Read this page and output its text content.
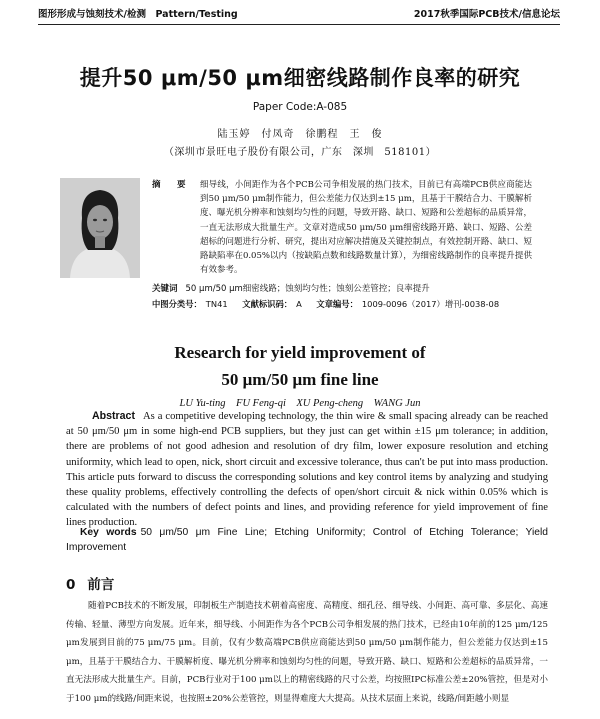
图形形成与蚀刻技术/检测　Pattern/Testing	2017秋季国际PCB技术/信息论坛
提升50 μm/50 μm细密线路制作良率的研究
Paper Code:A-085
陆玉婷　付凤奇　徐鹏程　王　俊
（深圳市景旺电子股份有限公司，广东　深圳　518101）
摘　要 细导线，小间距作为各个PCB公司争相发展的热门技术，目前已有高端PCB供应商能达到50 μm/50 μm制作能力，但公差能力仅达到±15 μm，且基于干膜结合力、干膜解析度、曝光机分辨率和蚀刻均匀性的问题，导致开路、缺口、短路和公差超标的品质异常，一直无法形成大批量生产。文章对造成50 μm/50 μm细密线路开路、缺口、短路、公差超标的问题进行分析、研究，提出对应解决措施及关键控制点，有效控制开路、缺口、短路缺陷率在0.05%以内（按缺陷点数和线路数量计算），为细密线路制作的良率提升提供有效参考。
关键词 50 μm/50 μm细密线路；蚀刻均匀性；蚀刻公差管控；良率提升
中图分类号： TN41 文献标识码： A 文章编号： 1009-0096（2017）增刊-0038-08
Research for yield improvement of
50 μm/50 μm fine line
LU Yu-ting　FU Feng-qi　XU Peng-cheng　WANG Jun
Abstract As a competitive developing technology, the thin wire & small spacing already can be reached at 50 μm/50 μm in some high-end PCB suppliers, but they just can get within ±15 μm tolerance; in addition, there are problems of not good adhesion and resolution of dry film, lower exposure resolution and etching uniformity, which lead to open, nick, short circuit and excessive tolerance, thus can't be put into mass production. This article puts forward to discuss the corresponding solutions and key control items by analyzing and studying these quality problems, effectively controlling the defects of open/short circuit & nick within 0.05% which is calculated with the numbers of defect points and lines, and providing reference for yield improvement of fine lines production.
Key words 50 μm/50 μm Fine Line; Etching Uniformity; Control of Etching Tolerance; Yield Improvement
0 前言
随着PCB技术的不断发展，印制板生产制造技术朝着高密度、高精度、细孔径、细导线、小间距、高可靠、多层化、高速传输、轻量、薄型方向发展。近年来，细导线、小间距作为各个PCB公司争相发展的热门技术，已经由10年前的125 μm/125 μm发展到目前的75 μm/75 μm。目前，仅有少数高端PCB供应商能达到50 μm/50 μm制作能力，但公差能力仅达到±15 μm，且基于干膜结合力、干膜解析度、曝光机分辨率和蚀刻均匀性的问题，导致开路、缺口、短路和公差超标的品质异常，一直无法形成大批量生产。目前，PCB行业对于100 μm以上的精密线路的尺寸公差，均按照IPC标准公差±20%管控，但是对小于100 μm的线路/间距来说，也按照±20%公差管控，则显得难度大大提高。从技术层面上来说，线路/间距越小则显
